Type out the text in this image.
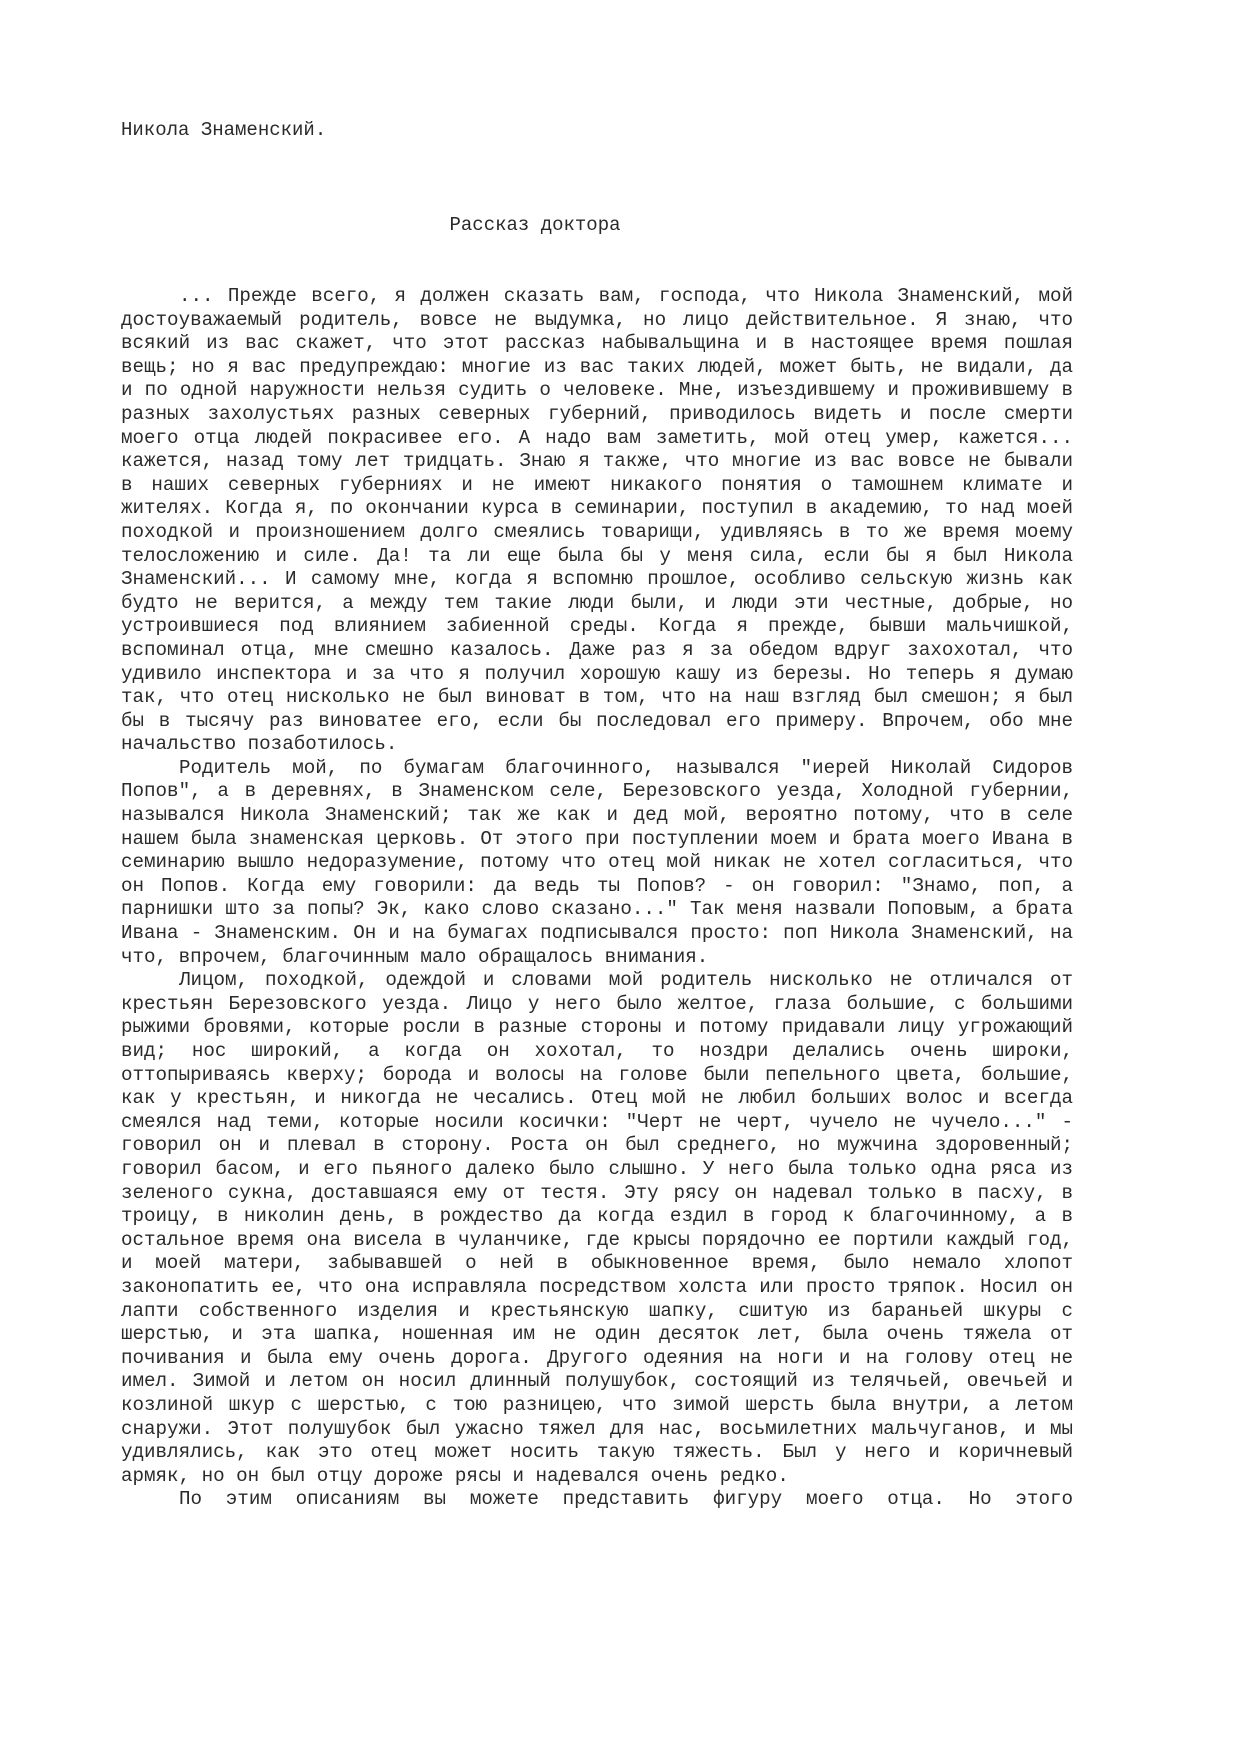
Никола Знаменский.
Рассказ доктора

... Прежде всего, я должен сказать вам, господа, что Никола Знаменский, мой достоуважаемый родитель, вовсе не выдумка, но лицо действительное. Я знаю, что всякий из вас скажет, что этот рассказ набывальщина и в настоящее время пошлая вещь; но я вас предупреждаю: многие из вас таких людей, может быть, не видали, да и по одной наружности нельзя судить о человеке. Мне, изъездившему и проживившему в разных захолустьях разных северных губерний, приводилось видеть и после смерти моего отца людей покрасивее его. А надо вам заметить, мой отец умер, кажется... кажется, назад тому лет тридцать. Знаю я также, что многие из вас вовсе не бывали в наших северных губерниях и не имеют никакого понятия о тамошнем климате и жителях. Когда я, по окончании курса в семинарии, поступил в академию, то над моей походкой и произношением долго смеялись товарищи, удивляясь в то же время моему телосложению и силе. Да! та ли еще была бы у меня сила, если бы я был Никола Знаменский... И самому мне, когда я вспомню прошлое, особливо сельскую жизнь как будто не верится, а между тем такие люди были, и люди эти честные, добрые, но устроившиеся под влиянием забиенной среды. Когда я прежде, бывши мальчишкой, вспоминал отца, мне смешно казалось. Даже раз я за обедом вдруг захохотал, что удивило инспектора и за что я получил хорошую кашу из березы. Но теперь я думаю так, что отец нисколько не был виноват в том, что на наш взгляд был смешон; я был бы в тысячу раз виноватее его, если бы последовал его примеру. Впрочем, обо мне начальство позаботилось.

Родитель мой, по бумагам благочинного, назывался "иерей Николай Сидоров Попов", а в деревнях, в Знаменском селе, Березовского уезда, Холодной губернии, назывался Никола Знаменский; так же как и дед мой, вероятно потому, что в селе нашем была знаменская церковь. От этого при поступлении моем и брата моего Ивана в семинарию вышло недоразумение, потому что отец мой никак не хотел согласиться, что он Попов. Когда ему говорили: да ведь ты Попов? - он говорил: "Знамо, поп, а парнишки што за попы? Эк, како слово сказано..." Так меня назвали Поповым, а брата Ивана - Знаменским. Он и на бумагах подписывался просто: поп Никола Знаменский, на что, впрочем, благочинным мало обращалось внимания.

Лицом, походкой, одеждой и словами мой родитель нисколько не отличался от крестьян Березовского уезда. Лицо у него было желтое, глаза большие, с большими рыжими бровями, которые росли в разные стороны и потому придавали лицу угрожающий вид; нос широкий, а когда он хохотал, то ноздри делались очень широки, оттопыриваясь кверху; борода и волосы на голове были пепельного цвета, большие, как у крестьян, и никогда не чесались. Отец мой не любил больших волос и всегда смеялся над теми, которые носили косички: "Черт не черт, чучело не чучело..." - говорил он и плевал в сторону. Роста он был среднего, но мужчина здоровенный; говорил басом, и его пьяного далеко было слышно. У него была только одна ряса из зеленого сукна, доставшаяся ему от тестя. Эту рясу он надевал только в пасху, в троицу, в николин день, в рождество да когда ездил в город к благочинному, а в остальное время она висела в чуланчике, где крысы порядочно ее портили каждый год, и моей матери, забывавшей о ней в обыкновенное время, было немало хлопот законопатить ее, что она исправляла посредством холста или просто тряпок. Носил он лапти собственного изделия и крестьянскую шапку, сшитую из бараньей шкуры с шерстью, и эта шапка, ношенная им не один десяток лет, была очень тяжела от почивания и была ему очень дорога. Другого одеяния на ноги и на голову отец не имел. Зимой и летом он носил длинный полушубок, состоящий из телячьей, овечьей и козлиной шкур с шерстью, с тою разницею, что зимой шерсть была внутри, а летом снаружи. Этот полушубок был ужасно тяжел для нас, восьмилетних мальчуганов, и мы удивлялись, как это отец может носить такую тяжесть. Был у него и коричневый армяк, но он был отцу дороже рясы и надевался очень редко.

По этим описаниям вы можете представить фигуру моего отца. Но этого
